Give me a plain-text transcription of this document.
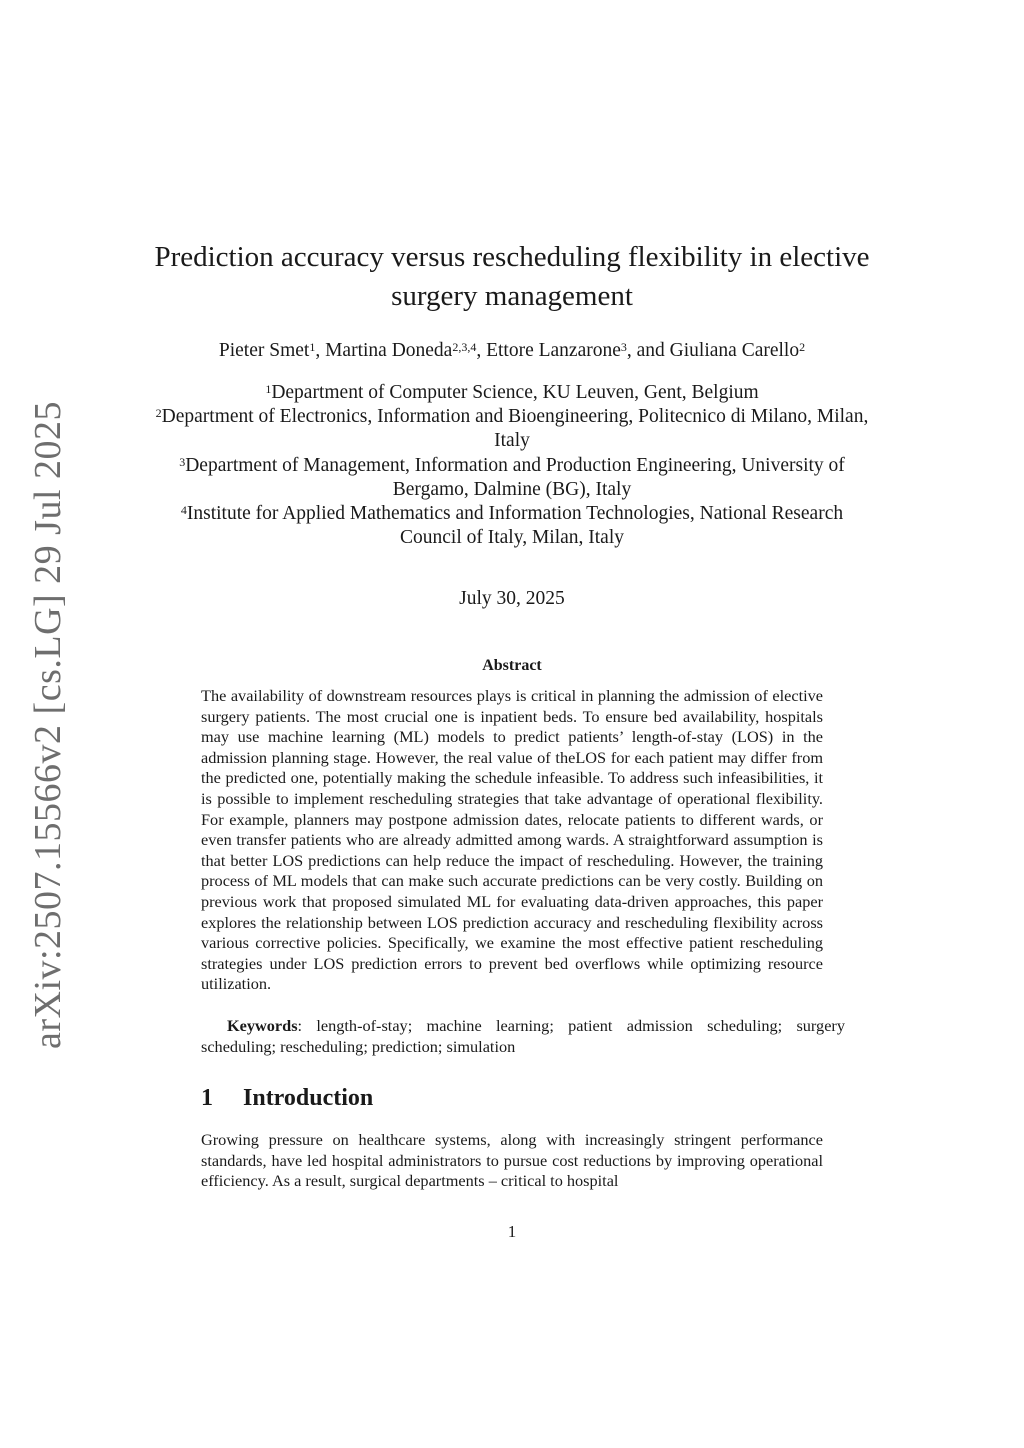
arXiv:2507.15566v2 [cs.LG] 29 Jul 2025
Prediction accuracy versus rescheduling flexibility in elective surgery management
Pieter Smet$^1$, Martina Doneda$^{2,3,4}$, Ettore Lanzarone$^3$, and Giuliana Carello$^2$
$^1$Department of Computer Science, KU Leuven, Gent, Belgium
$^2$Department of Electronics, Information and Bioengineering, Politecnico di Milano, Milan, Italy
$^3$Department of Management, Information and Production Engineering, University of Bergamo, Dalmine (BG), Italy
$^4$Institute for Applied Mathematics and Information Technologies, National Research Council of Italy, Milan, Italy
July 30, 2025
Abstract
The availability of downstream resources plays is critical in planning the admission of elective surgery patients. The most crucial one is inpatient beds. To ensure bed availability, hospitals may use machine learning (ML) models to predict patients’ length-of-stay (LOS) in the admission planning stage. However, the real value of theLOS for each patient may differ from the predicted one, potentially making the schedule infeasible. To address such infeasibilities, it is possible to implement rescheduling strategies that take advantage of operational flexibility. For example, planners may postpone admission dates, relocate patients to different wards, or even transfer patients who are already admitted among wards. A straightforward assumption is that better LOS predictions can help reduce the impact of rescheduling. However, the training process of ML models that can make such accurate predictions can be very costly. Building on previous work that proposed simulated ML for evaluating data-driven approaches, this paper explores the relationship between LOS prediction accuracy and rescheduling flexibility across various corrective policies. Specifically, we examine the most effective patient rescheduling strategies under LOS prediction errors to prevent bed overflows while optimizing resource utilization.
Keywords: length-of-stay; machine learning; patient admission scheduling; surgery scheduling; rescheduling; prediction; simulation
1 Introduction
Growing pressure on healthcare systems, along with increasingly stringent performance standards, have led hospital administrators to pursue cost reductions by improving operational efficiency. As a result, surgical departments – critical to hospital
1
